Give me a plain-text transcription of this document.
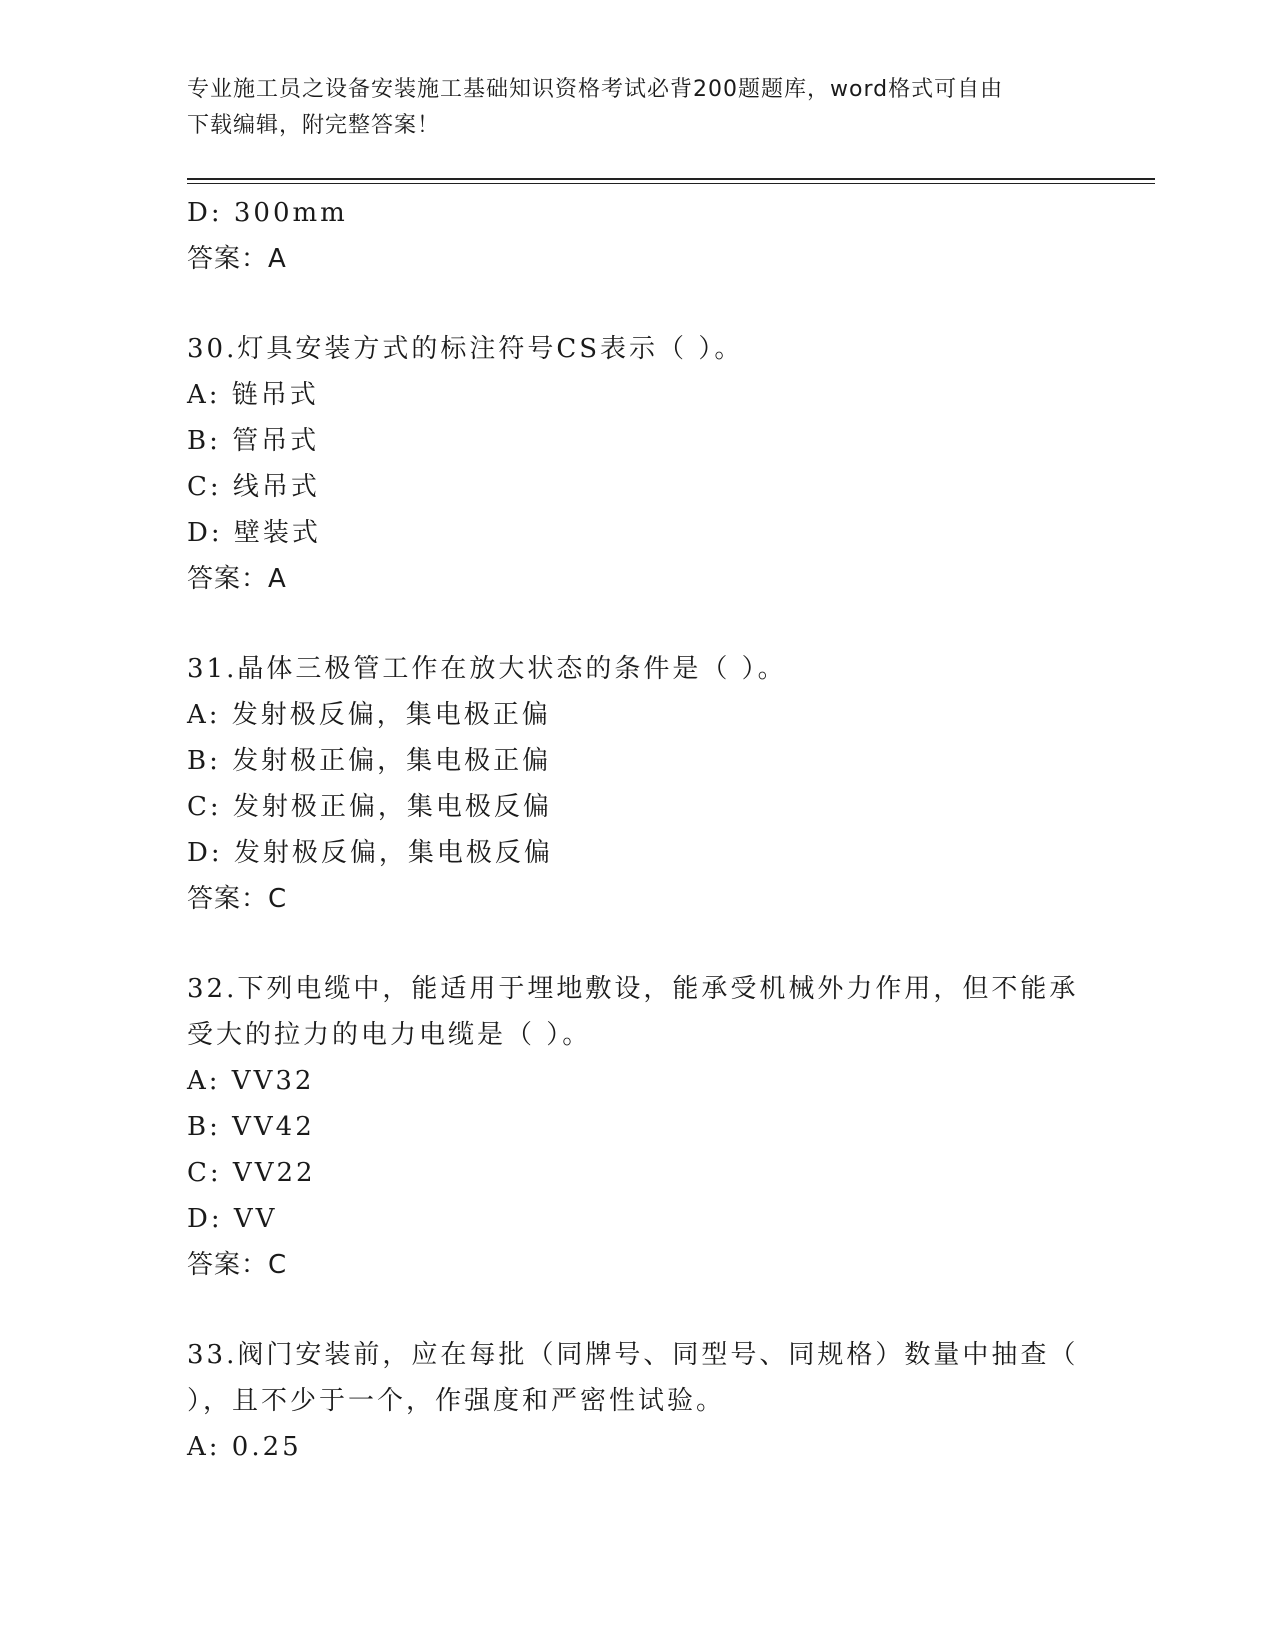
专业施工员之设备安装施工基础知识资格考试必背200题题库，word格式可自由
下载编辑，附完整答案！
D: 300mm
答案：A
30.灯具安装方式的标注符号CS表示（ ）。
A: 链吊式
B: 管吊式
C: 线吊式
D: 壁装式
答案：A
31.晶体三极管工作在放大状态的条件是（ ）。
A: 发射极反偏，集电极正偏
B: 发射极正偏，集电极正偏
C: 发射极正偏，集电极反偏
D: 发射极反偏，集电极反偏
答案：C
32.下列电缆中，能适用于埋地敷设，能承受机械外力作用，但不能承
受大的拉力的电力电缆是（ ）。
A: VV32
B: VV42
C: VV22
D: VV
答案：C
33.阀门安装前，应在每批（同牌号、同型号、同规格）数量中抽查（
），且不少于一个，作强度和严密性试验。
A: 0.25
